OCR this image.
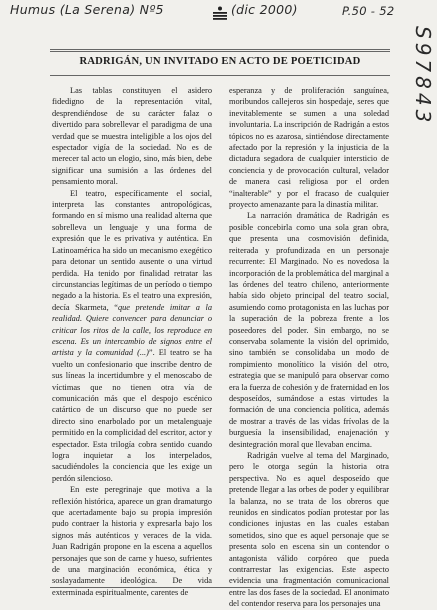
Humus (La Serena) Nº5	(dic 2000)	P.50 - 52
S97843
RADRIGÁN, UN INVITADO EN ACTO DE POETICIDAD

Las tablas constituyen el asidero fidedigno de la representación vital, desprendiéndose de su carácter falaz o divertido para sobrellevar el paradigma de una verdad que se muestra inteligible a los ojos del espectador vigía de la sociedad. No es de merecer tal acto un elogio, sino, más bien, debe significar una sumisión a las órdenes del pensamiento moral.

El teatro, específicamente el social, interpreta las constantes antropológicas, formando en sí mismo una realidad alterna que sobrelleva un lenguaje y una forma de expresión que le es privativa y auténtica. En Latinoamérica ha sido un mecanismo exegético para detonar un sentido ausente o una virtud perdida. Ha tenido por finalidad retratar las circunstancias legítimas de un período o tiempo negado a la historia. Es el teatro una expresión, decía Skarmeta, “que pretende imitar a la realidad. Quiere convencer para denunciar o criticar los ritos de la calle, los reproduce en escena. Es un intercambio de signos entre el artista y la comunidad (...)”. El teatro se ha vuelto un confesionario que inscribe dentro de sus líneas la incertidumbre y el menoscabo de víctimas que no tienen otra vía de comunicación más que el despojo escénico catártico de un discurso que no puede ser directo sino enarbolado por un metalenguaje permitido en la complicidad del escritor, actor y espectador. Esta trilogía cobra sentido cuando logra inquietar a los interpelados, sacudiéndoles la conciencia que les exige un perdón silencioso.

En este peregrinaje que motiva a la reflexión histórica, aparece un gran dramaturgo que acertadamente bajo su propia impresión pudo contraer la historia y expresarla bajo los signos más auténticos y veraces de la vida. Juan Radrigán propone en la escena a aquellos personajes que son de carne y hueso, sufrientes de una marginación económica, ética y soslayadamente ideológica. De vida exterminada espiritualmente, carentes de

esperanza y de proliferación sanguínea, moribundos callejeros sin hospedaje, seres que inevitablemente se sumen a una soledad involuntaria. La inscripción de Radrigán a estos tópicos no es azarosa, sintiéndose directamente afectado por la represión y la injusticia de la dictadura segadora de cualquier intersticio de conciencia y de provocación cultural, velador de manera casi religiosa por el orden “inalterable” y por el fracaso de cualquier proyecto amenazante para la dinastía militar.

La narración dramática de Radrigán es posible concebirla como una sola gran obra, que presenta una cosmovisión definida, reiterada y profundizada en un personaje recurrente: El Marginado. No es novedosa la incorporación de la problemática del marginal a las órdenes del teatro chileno, anteriormente había sido objeto principal del teatro social, asumiendo como protagonista en las luchas por la superación de la pobreza frente a los poseedores del poder. Sin embargo, no se conservaba solamente la visión del oprimido, sino también se consolidaba un modo de rompimiento monolítico la visión del otro, estrategia que se manipuló para observar como era la fuerza de cohesión y de fraternidad en los desposeídos, sumándose a estas virtudes la formación de una conciencia política, además de mostrar a través de las vidas frívolas de la burguesía la insensibilidad, enajenación y desintegración moral que llevaban encima.

Radrigán vuelve al tema del Marginado, pero le otorga según la historia otra perspectiva. No es aquel desposeído que pretende llegar a las orbes de poder y equilibrar la balanza, no se trata de los obreros que reunidos en sindicatos podían protestar por las condiciones injustas en las cuales estaban sometidos, sino que es aquel personaje que se presenta solo en escena sin un contendor o antagonista válido corpóreo que pueda contrarrestar las exigencias. Este aspecto evidencia una fragmentación comunicacional entre las dos fases de la sociedad. El anonimato del contendor reserva para los personajes una
